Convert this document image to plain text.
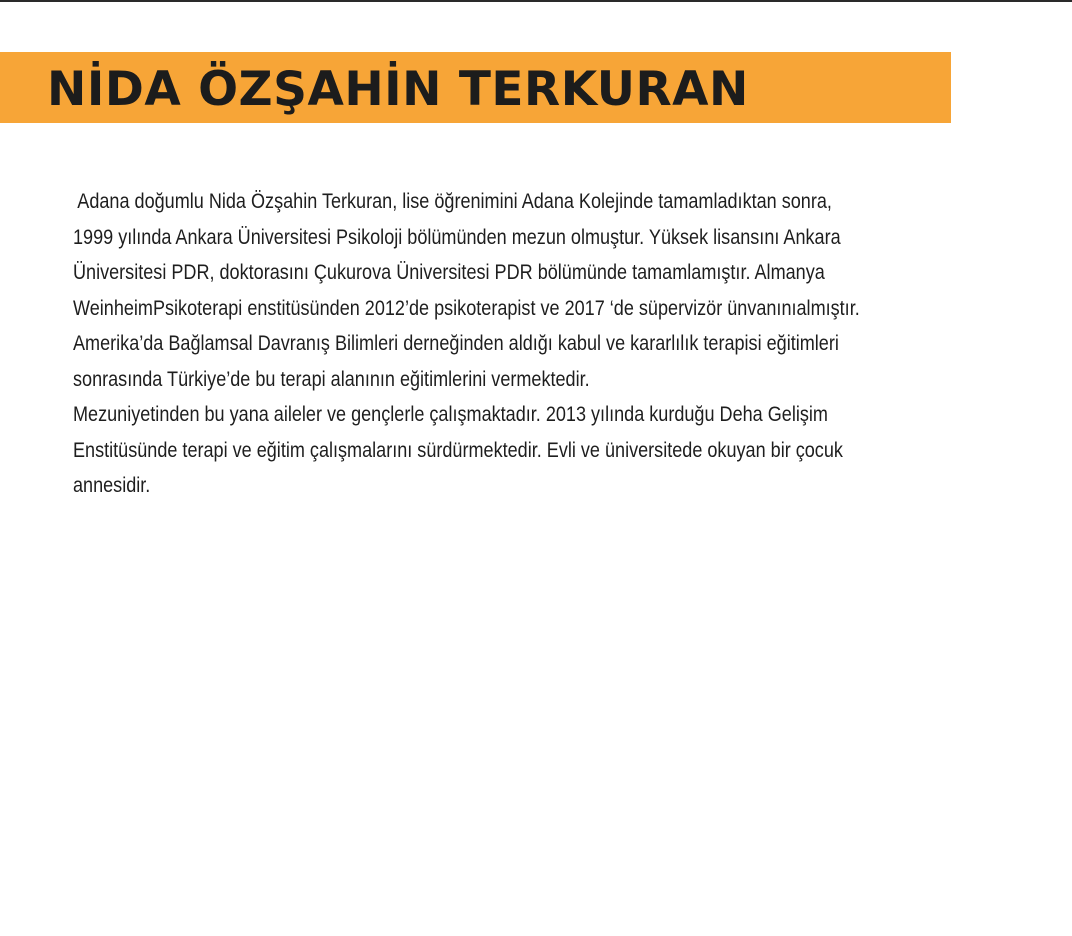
NİDA ÖZŞAHİN TERKURAN
Adana doğumlu Nida Özşahin Terkuran, lise öğrenimini Adana Kolejinde tamamladıktan sonra,
1999 yılında Ankara Üniversitesi Psikoloji bölümünden mezun olmuştur. Yüksek lisansını Ankara
Üniversitesi PDR, doktorasını Çukurova Üniversitesi PDR bölümünde tamamlamıştır. Almanya
WeinheimPsikoterapi enstitüsünden 2012’de psikoterapist ve 2017 ‘de süpervizör ünvanınıalmıştır.
Amerika’da Bağlamsal Davranış Bilimleri derneğinden aldığı kabul ve kararlılık terapisi eğitimleri
sonrasında Türkiye’de bu terapi alanının eğitimlerini vermektedir.
Mezuniyetinden bu yana aileler ve gençlerle çalışmaktadır. 2013 yılında kurduğu Deha Gelişim
Enstitüsünde terapi ve eğitim çalışmalarını sürdürmektedir. Evli ve üniversitede okuyan bir çocuk
annesidir.
